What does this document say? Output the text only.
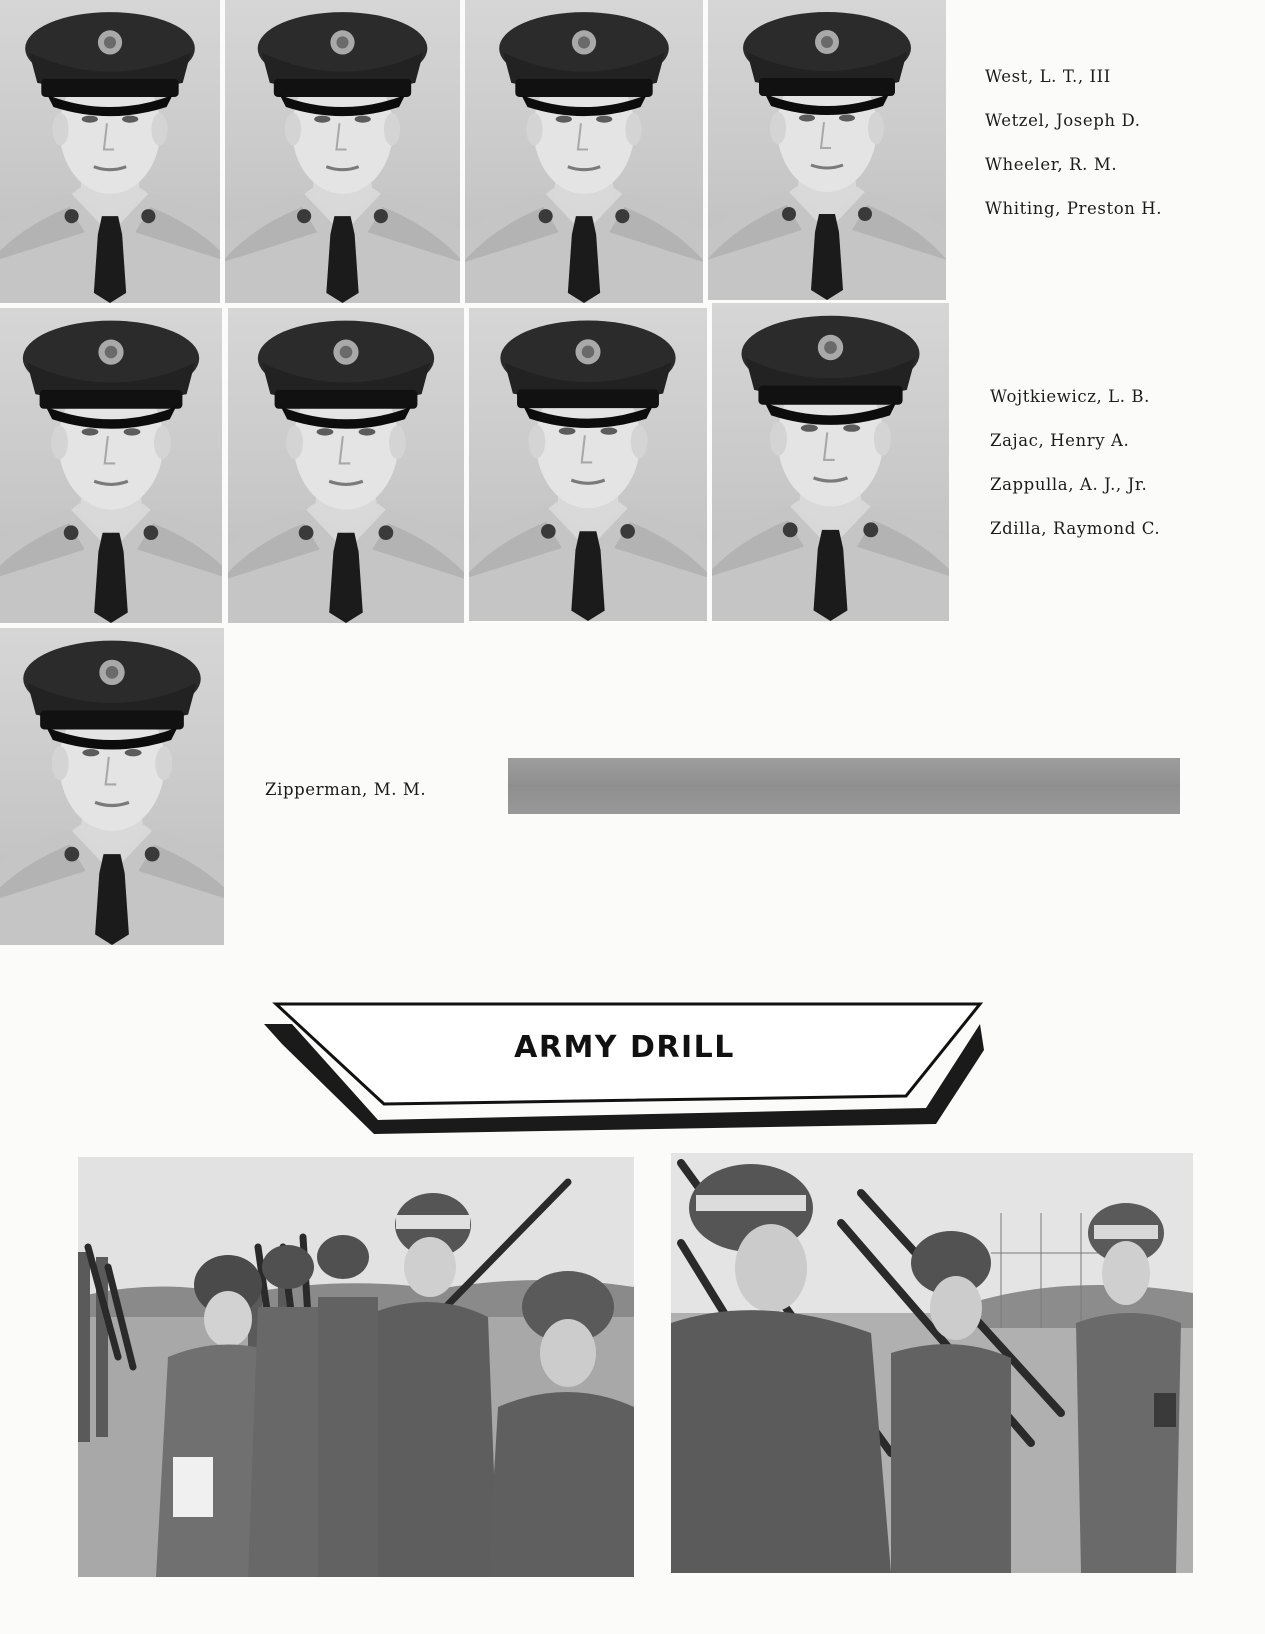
West, L. T., III
Wetzel, Joseph D.
Wheeler, R. M.
Whiting, Preston H.
Wojtkiewicz, L. B.
Zajac, Henry A.
Zappulla, A. J., Jr.
Zdilla, Raymond C.
Zipperman, M. M.
ARMY DRILL
